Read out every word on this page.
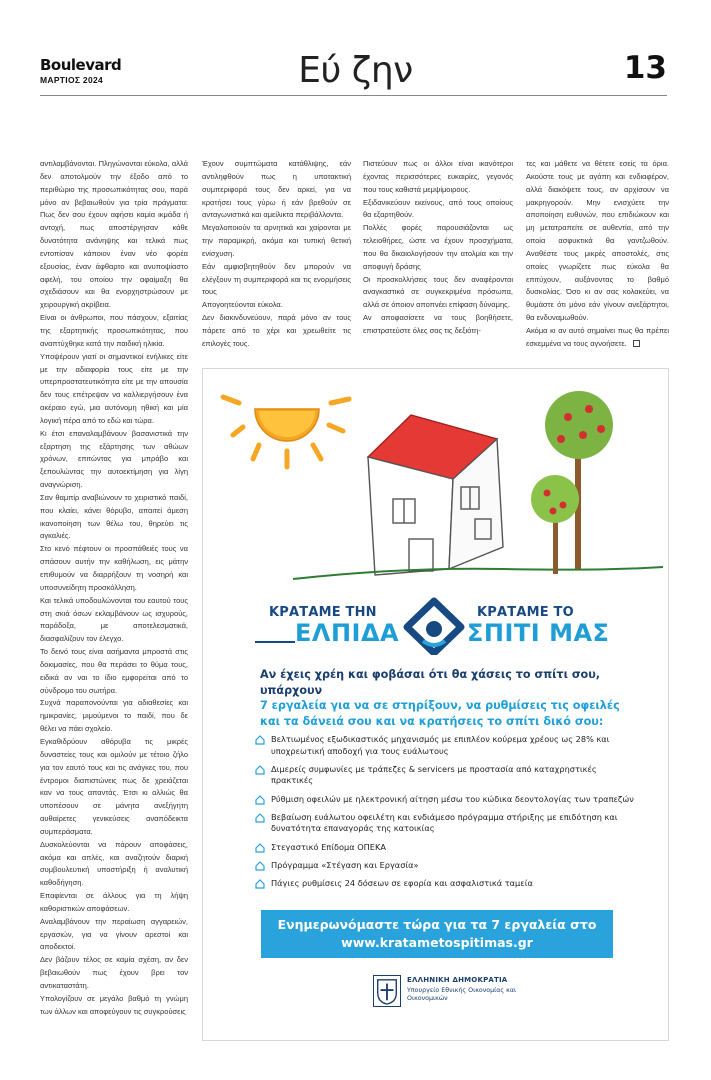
Boulevard
ΜΑΡΤΙΟΣ 2024	Εύ ζην	13

αντιλαμβάνονται. Πληγώνονται εύκολα, αλλά δεν αποτολμούν την έξοδο από το περιθώριο της προσωπικότητας σου, παρά μόνο αν βεβαιωθούν για τρία πράγματα: Πως δεν σου έχουν αφήσει καμία ικμάδα ή αντοχή, πως αποστέργησαν κάθε δυνατότητα ανάνηψης και τελικά πως εντοπίσαν κάποιον έναν νέο φορέα εξουσίας, έναν άφθαρτο και ανυποψίαστο αφελή, του οποίου την αφαίμαξη θα σχεδιάσουν και θα ενορχηστρώσουν με χειρουργική ακρίβεια.

Είναι οι άνθρωποι, που πάσχουν, εξαιτίας της εξαρτητικής προσωπικότητας, που αναπτύχθηκε κατά την παιδική ηλικία.

Υποψέρουν γιατί οι σημαντικοί ενήλικες είτε με την αδιαφορία τους είτε με την υπερπροστατευτικότητα είτε με την απουσία δεν τους επέτρεψαν να καλλιεργήσουν ένα ακέραιο εγώ, μια αυτόνομη ηθική και μία λογική πέρα από το εδώ και τώρα.

Κι έτσι επαναλαμβάνουν βασανιστικά την εξαρτηση της εξάρτησης των αθώων χρόνων, επιτώντας για μπράβο και ξεπουλώντας την αυτοεκτίμηση για λίγη αναγνώριση.

Σαν θαμπίρ αναβιώνουν το χειριστικό παιδί, που κλαίει, κάνει θόρυβο, απαιτεί άμεση ικανοποίηση των θέλω του, θηρεύει τις αγκαλιές.

Στο κενό πέφτουν οι προσπάθειές τους να σπάσουν αυτήν την καθήλωση, εις μάτην επιθυμούν να διαρρήξουν τη νοσηρή και υποσυνείδητη προσκόλληση.

Και τελικά υποδουλώνονται του εαυτού τους στη σκιά όσων εκλαμβάνουν ως ισχυρούς, παράδοξα, με αποτελεσματικά, διασφαλίζουν τον έλεγχο.

Το δεινό τους είναι ασήμαντα μπροστά στις δοκιμασίες, που θα περάσει το θύμα τους, ειδικά αν ναι το ίδιο εμφορείται από το σύνδρομο του σωτήρα.

Συχνά παραπονούνται για αδιαθεσίες και ημικρανίες, μιμούμενοι το παιδί, που δε θέλει να πάει σχολείο.

Εγκαθιδρύουν αθόρυβα τις μικρές δυναστείες τους και ομιλούν με τέτοιο ζήλο για τον εαυτό τους και τις ανάγκες του, που έντρομοι διαπιστώνεις πως δε χρειάζεται καν να τους απαντάς. Έτσι κι αλλιώς θα υποπέσουν σε μάνητα ανεξήγητη αυθαίρετες γενικεύσεις αναπόδεικτα συμπεράσματα.

Δυσκολεύονται να πάρουν αποφάσεις, ακόμα και απλές, και αναζητούν διαρκή συμβουλευτική υποστήριξη ή αναλυτική καθοδήγηση.

Επαφίενται σε άλλους για τη λήψη καθοριστικών αποφάσεων.

Αναλαμβάνουν την περαίωση αγγαρειών, εργασιών, για να γίνουν αρεστοί και αποδεκτοί.

Δεν βάζουν τέλος σε καμία σχέση, αν δεν βεβαιωθούν πως έχουν βρει τον αντικαταστάτη.

Υπολογίζουν σε μεγάλο βαθμό τη γνώμη των άλλων και αποφεύγουν τις συγκρούσεις

Έχουν συμπτώματα κατάθλιψης, εάν αντιληφθούν πως η υποτακτική συμπεριφορά τους δεν αρκεί, για να κρατήσει τους γύρω ή εάν βρεθούν σε ανταγωνιστικά και αμείλικτα περιβάλλοντα.

Μεγαλοποιούν τα αρνητικά και χαίρονται με την παραμικρή, ακόμα και τυπική θετική ενίσχυση.

Εάν αμφισβητηθούν δεν μπορούν να ελέγξουν τη συμπεριφορά και τις ενορμήσεις τους

Απογοητεύονται εύκολα.

Δεν διακινδυνεύουν, παρά μόνο αν τους πάρετε από το χέρι και χρεωθείτε τις επιλογές τους.

Πιστεύουν πως οι άλλοι είναι ικανότεροι έχοντας περισσότερες ευκαιρίες, γεγονός που τους καθιστά μεμψίμοιρους.

Εξιδανικεύουν εκείνους, από τους οποίους θα εξαρτηθούν.

Πολλές φορές παρουσιάζονται ως τελειοθήρες, ώστε να έχουν προσχήματα, που θα δικαιολογήσουν την ατολμία και την αποφυγή δράσης

Οι προσκολλήσεις τους δεν αναφέρονται αναγκαστικά σε συγκεκριμένα πρόσωπα, αλλά σε όποιον αποπνέει επίφαση δύναμης.

Αν αποφασίσετε να τους βοηθήσετε, επιστρατεύστε όλες σας τις δεξιότη-

τες και μάθετε να θέτετε εσείς τα όρια. Ακούστε τους με αγάπη και ενδιαφέρον, αλλά διακόψετε τους, αν αρχίσουν να μακρηγορούν. Μην ενισχύετε την αποποίηση ευθυνών, που επιδιώκουν και μη μετατραπείτε σε αυθεντία, από την οποία ασφυκτικά θα γαντζωθούν. Αναθέστε τους μικρές αποστολές, στις οποίες γνωρίζετε πως εύκολα θα επιτύχουν, αυξάνοντας το βαθμό δυσκολίας. Όσο κι αν σας κολακεύει, να θυμάστε ότι μόνο εάν γίνουν ανεξάρτητοι, θα ενδυναμωθούν.

Ακόμα κι αν αυτό σημαίνει πως θα πρέπει εσκεμμένα να τους αγνοήσετε.

ΚΡΑΤΑΜΕ ΤΗΝ
ΕΛΠΙΔΑ
ΚΡΑΤΑΜΕ ΤΟ
ΣΠΙΤΙ ΜΑΣ
Αν έχεις χρέη και φοβάσαι ότι θα χάσεις το σπίτι σου, υπάρχουν
7 εργαλεία για να σε στηρίξουν, να ρυθμίσεις τις οφειλές και τα δάνειά σου και να κρατήσεις το σπίτι δικό σου:
Βελτιωμένος εξωδικαστικός μηχανισμός με επιπλέον κούρεμα χρέους ως 28% και υποχρεωτική αποδοχή για τους ευάλωτους
Διμερείς συμφωνίες με τράπεζες & servicers με προστασία από καταχρηστικές πρακτικές
Ρύθμιση οφειλών με ηλεκτρονική αίτηση μέσω του κώδικα δεοντολογίας των τραπεζών
Βεβαίωση ευάλωτου οφειλέτη και ενδιάμεσο πρόγραμμα στήριξης με επιδότηση και δυνατότητα επαναγοράς της κατοικίας
Στεγαστικό Επίδομα ΟΠΕΚΑ
Πρόγραμμα «Στέγαση και Εργασία»
Πάγιες ρυθμίσεις 24 δόσεων σε εφορία και ασφαλιστικά ταμεία
Ενημερωνόμαστε τώρα για τα 7 εργαλεία στο
www.kratametospitimas.gr
ΕΛΛΗΝΙΚΗ ΔΗΜΟΚΡΑΤΙΑ
Υπουργείο Εθνικής Οικονομίας και Οικονομικών
